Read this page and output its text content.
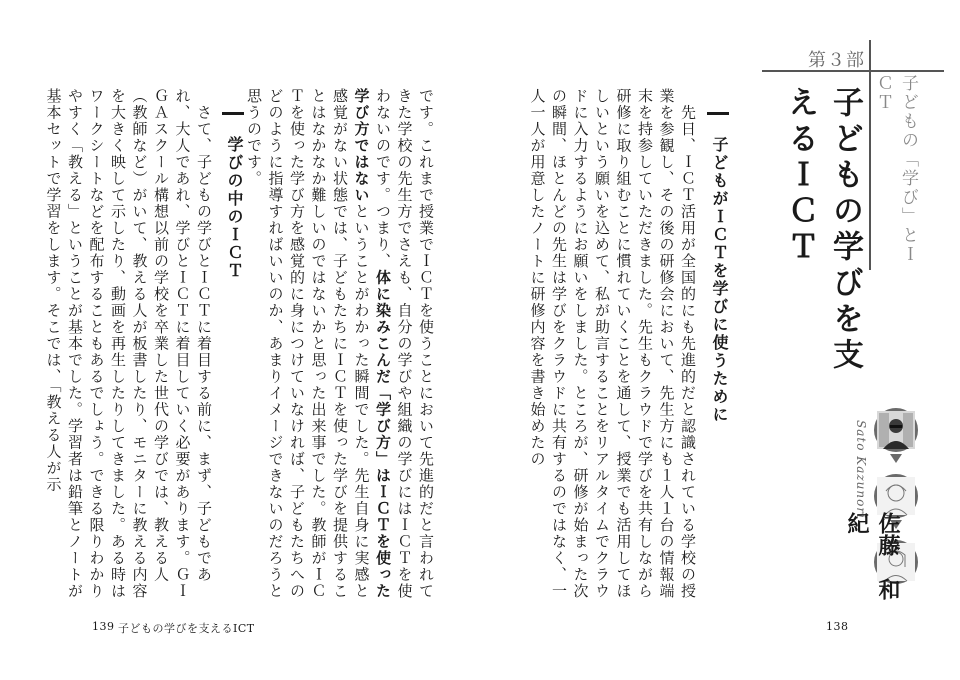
第３部
子どもの「学び」とＩＣＴ
子どもの学びを支えるＩＣＴ
子どもがＩＣＴを学びに使うために
　先日、ＩＣＴ活用が全国的にも先進的だと認識されている学校の授業を参観し、その後の研修会において、先生方にも１人１台の情報端末を持参していただきました。先生もクラウドで学びを共有しながら研修に取り組むことに慣れていくことを通して、授業でも活用してほしいという願いを込めて、私が助言することをリアルタイムでクラウドに入力するようにお願いをしました。ところが、研修が始まった次の瞬間、ほとんどの先生は学びをクラウドに共有するのではなく、一人一人が用意したノートに研修内容を書き始めたの
Sato Kazunori
佐藤　和紀
138
です。これまで授業でＩＣＴを使うことにおいて先進的だと言われてきた学校の先生方でさえも、自分の学びや組織の学びにはＩＣＴを使わないのです。つまり、体に染みこんだ「学び方」はＩＣＴを使った学び方ではないということがわかった瞬間でした。先生自身に実感と感覚がない状態では、子どもたちにＩＣＴを使った学びを提供することはなかなか難しいのではないかと思った出来事でした。教師がＩＣＴを使った学び方を感覚的に身につけていなければ、子どもたちへのどのように指導すればいいのか、あまりイメージできないのだろうと思うのです。
学びの中のＩＣＴ
　さて、子どもの学びとＩＣＴに着目する前に、まず、子どもであれ、大人であれ、学びとＩＣＴに着目していく必要があります。ＧＩＧＡスクール構想以前の学校を卒業した世代の学びでは、教える人（教師など）がいて、教える人が板書したり、モニターに教える内容を大きく映して示したり、動画を再生したりしてきました。ある時はワークシートなどを配布することもあるでしょう。できる限りわかりやすく「教える」ということが基本でした。学習者は鉛筆とノートが基本セットで学習をします。そこでは、「教える人が示
139 子どもの学びを支えるICT
